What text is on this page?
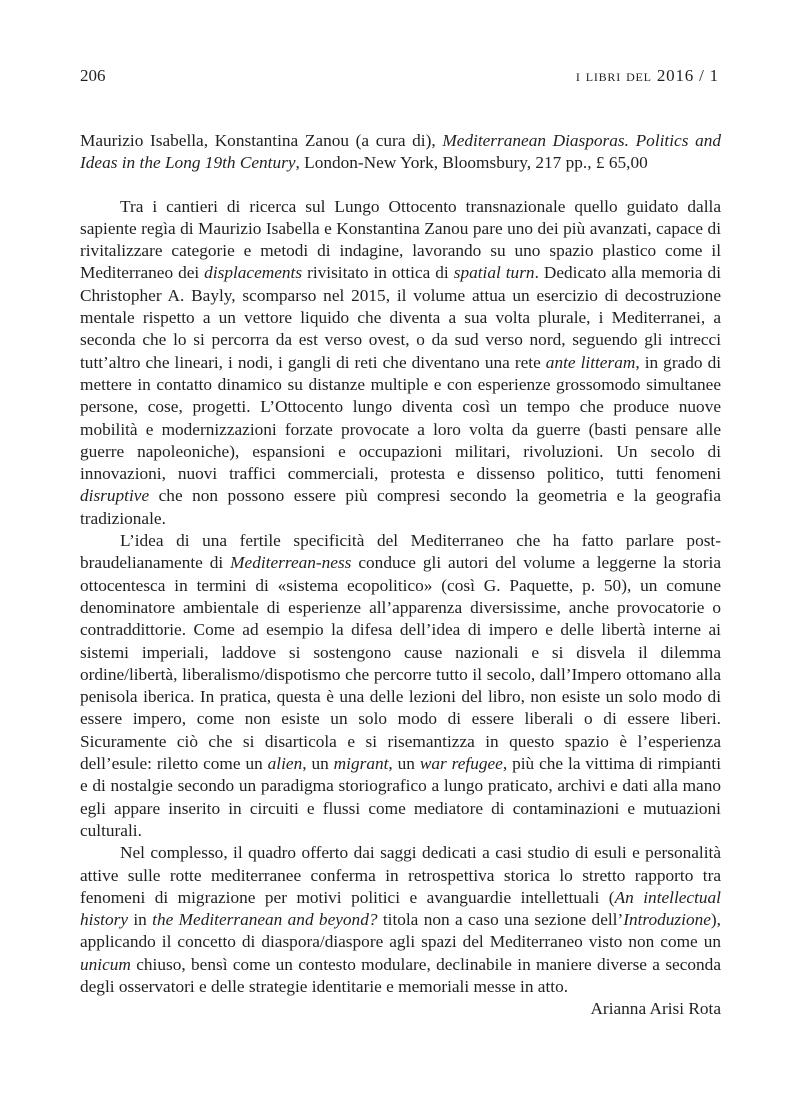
206	i libri del 2016 / 1

Maurizio Isabella, Konstantina Zanou (a cura di), Mediterranean Diasporas. Politics and Ideas in the Long 19th Century, London-New York, Bloomsbury, 217 pp., £ 65,00

Tra i cantieri di ricerca sul Lungo Ottocento transnazionale quello guidato dalla sapiente regìa di Maurizio Isabella e Konstantina Zanou pare uno dei più avanzati, capace di rivitalizzare categorie e metodi di indagine, lavorando su uno spazio plastico come il Mediterraneo dei displacements rivisitato in ottica di spatial turn. Dedicato alla memoria di Christopher A. Bayly, scomparso nel 2015, il volume attua un esercizio di decostruzione mentale rispetto a un vettore liquido che diventa a sua volta plurale, i Mediterranei, a seconda che lo si percorra da est verso ovest, o da sud verso nord, seguendo gli intrecci tutt’altro che lineari, i nodi, i gangli di reti che diventano una rete ante litteram, in grado di mettere in contatto dinamico su distanze multiple e con esperienze grossomodo simultanee persone, cose, progetti. L’Ottocento lungo diventa così un tempo che produce nuove mobilità e modernizzazioni forzate provocate a loro volta da guerre (basti pensare alle guerre napoleoniche), espansioni e occupazioni militari, rivoluzioni. Un secolo di innovazioni, nuovi traffici commerciali, protesta e dissenso politico, tutti fenomeni disruptive che non possono essere più compresi secondo la geometria e la geografia tradizionale.

L’idea di una fertile specificità del Mediterraneo che ha fatto parlare post-braudelianamente di Mediterrean-ness conduce gli autori del volume a leggerne la storia ottocentesca in termini di «sistema ecopolitico» (così G. Paquette, p. 50), un comune denominatore ambientale di esperienze all’apparenza diversissime, anche provocatorie o contraddittorie. Come ad esempio la difesa dell’idea di impero e delle libertà interne ai sistemi imperiali, laddove si sostengono cause nazionali e si disvela il dilemma ordine/libertà, liberalismo/dispotismo che percorre tutto il secolo, dall’Impero ottomano alla penisola iberica. In pratica, questa è una delle lezioni del libro, non esiste un solo modo di essere impero, come non esiste un solo modo di essere liberali o di essere liberi. Sicuramente ciò che si disarticola e si risemantizza in questo spazio è l’esperienza dell’esule: riletto come un alien, un migrant, un war refugee, più che la vittima di rimpianti e di nostalgie secondo un paradigma storiografico a lungo praticato, archivi e dati alla mano egli appare inserito in circuiti e flussi come mediatore di contaminazioni e mutuazioni culturali.

Nel complesso, il quadro offerto dai saggi dedicati a casi studio di esuli e personalità attive sulle rotte mediterranee conferma in retrospettiva storica lo stretto rapporto tra fenomeni di migrazione per motivi politici e avanguardie intellettuali (An intellectual history in the Mediterranean and beyond? titola non a caso una sezione dell’Introduzione), applicando il concetto di diaspora/diaspore agli spazi del Mediterraneo visto non come un unicum chiuso, bensì come un contesto modulare, declinabile in maniere diverse a seconda degli osservatori e delle strategie identitarie e memoriali messe in atto.

Arianna Arisi Rota
